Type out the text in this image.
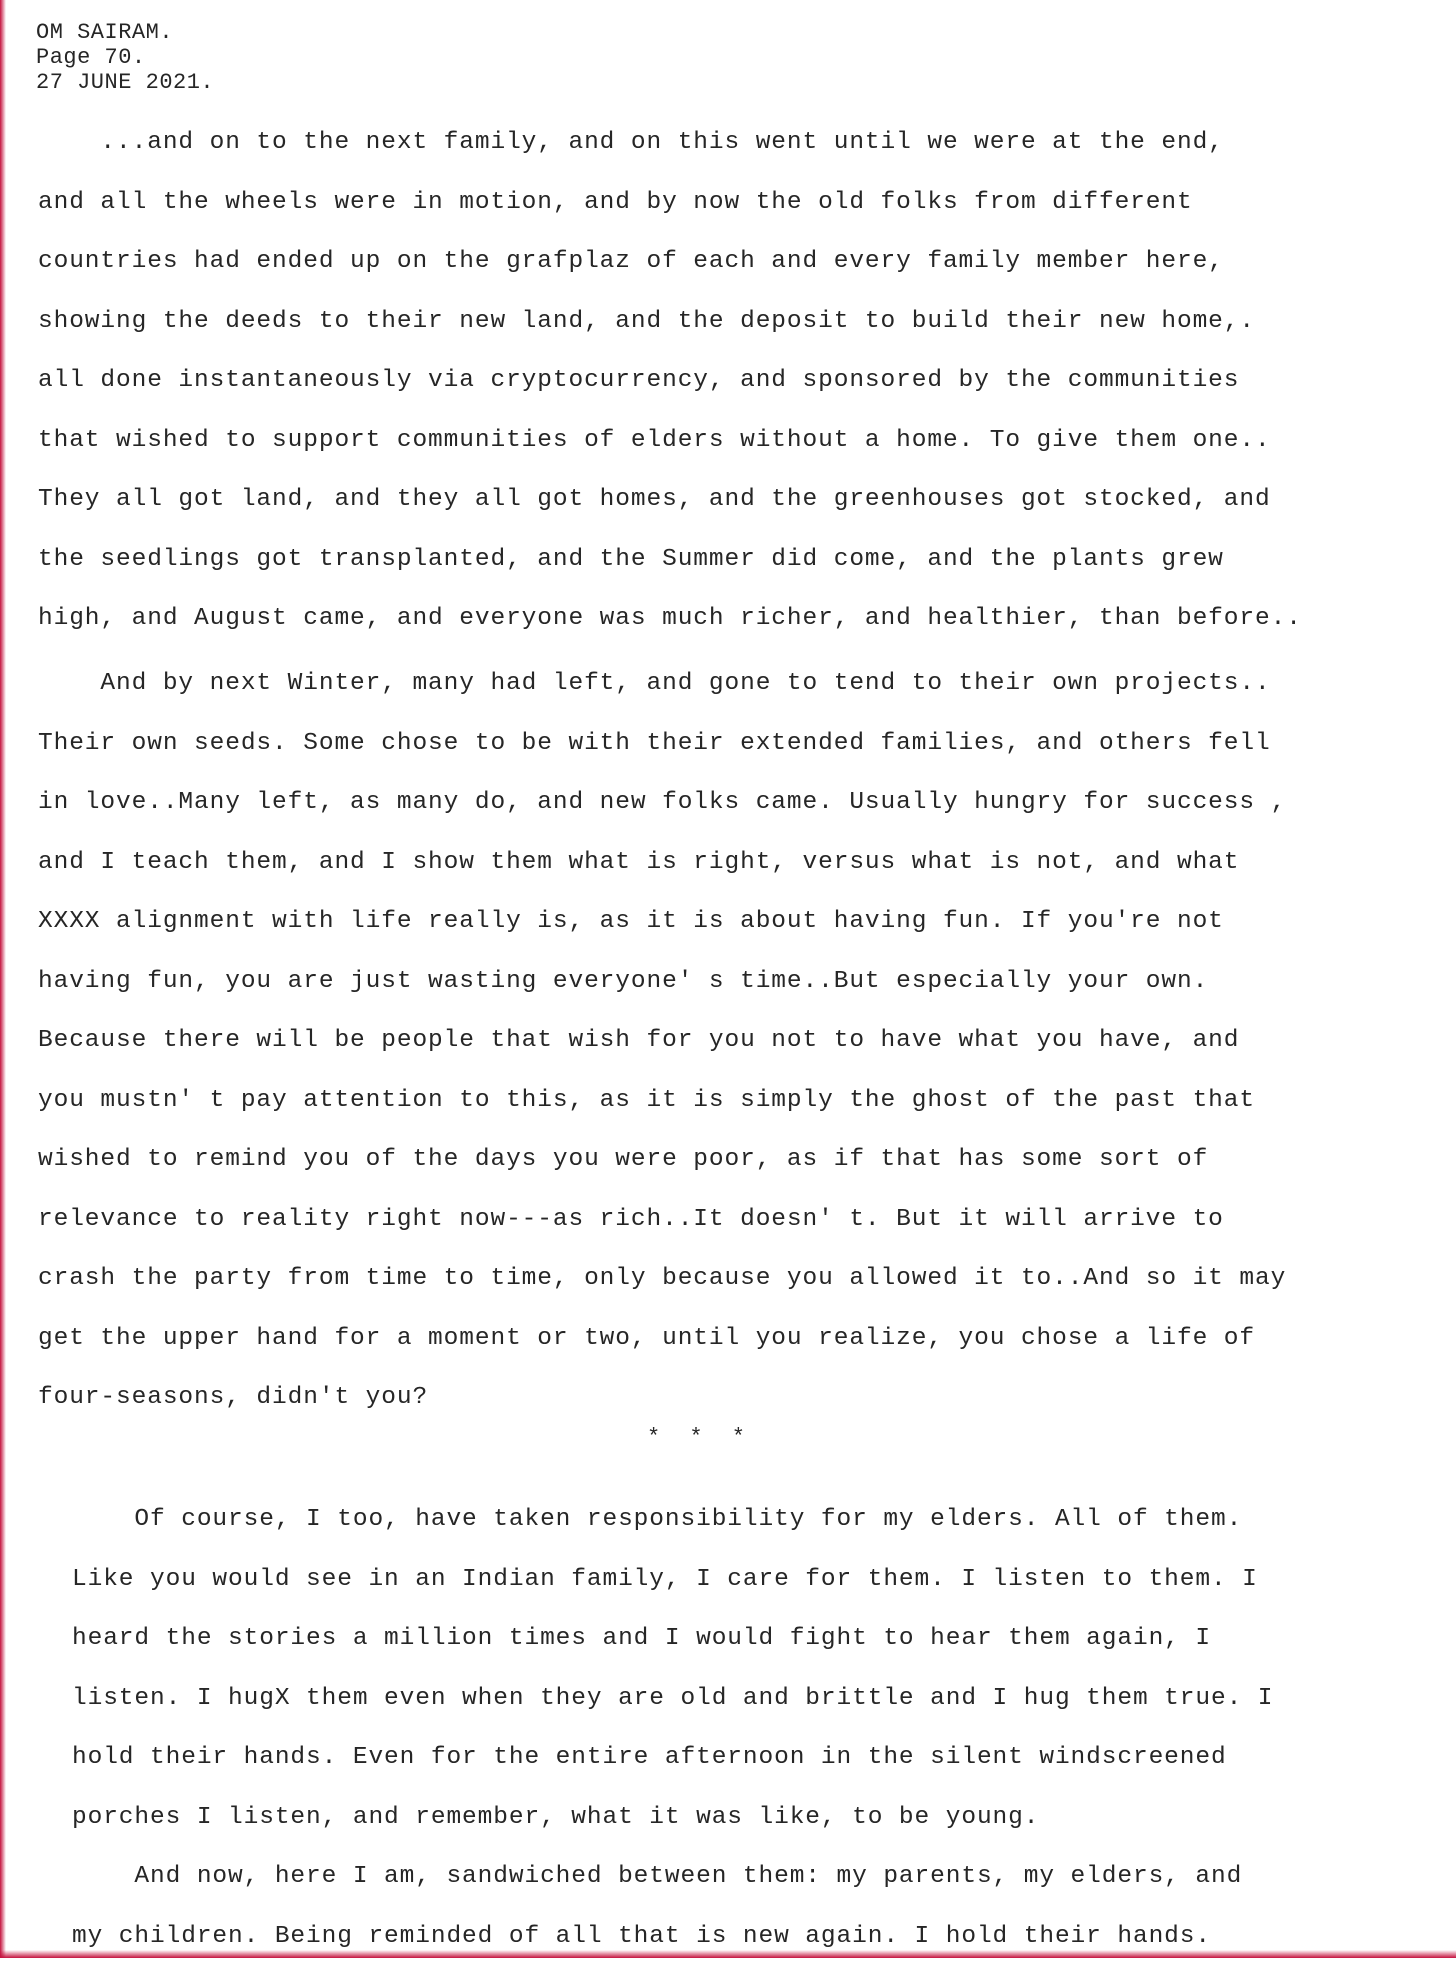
OM SAIRAM.
Page 70.
27 JUNE 2021.
...and on to the next family, and on this went until we were at the end,
and all the wheels were in motion, and by now the old folks from different
countries had ended up on the grafplaz of each and every family member here,
showing the deeds to their new land, and the deposit to build their new home,.
all done instantaneously via cryptocurrency, and sponsored by the communities
that wished to support communities of elders without a home. To give them one..
They all got land, and they all got homes, and the greenhouses got stocked, and
the seedlings got transplanted, and the Summer did come, and the plants grew
high, and August came, and everyone was much richer, and healthier, than before..
And by next Winter, many had left, and gone to tend to their own projects..
Their own seeds. Some chose to be with their extended families, and others fell
in love..Many left, as many do, and new folks came. Usually hungry for success ,
and I teach them, and I show them what is right, versus what is not, and what
XXXX alignment with life really is, as it is about having fun. If you're not
having fun, you are just wasting everyone' s time..But especially your own.
Because there will be people that wish for you not to have what you have, and
you mustn' t pay attention to this, as it is simply the ghost of the past that
wished to remind you of the days you were poor, as if that has some sort of
relevance to reality right now---as rich..It doesn' t. But it will arrive to
crash the party from time to time, only because you allowed it to..And so it may
get the upper hand for a moment or two, until you realize, you chose a life of
four-seasons, didn't you?
* * *
Of course, I too, have taken responsibility for my elders. All of them.
Like you would see in an Indian family, I care for them. I listen to them. I
heard the stories a million times and I would fight to hear them again, I
listen. I hugX them even when they are old and brittle and I hug them true. I
hold their hands. Even for the entire afternoon in the silent windscreened
porches I listen, and remember, what it was like, to be young.
And now, here I am, sandwiched between them: my parents, my elders, and
my children. Being reminded of all that is new again. I hold their hands.
